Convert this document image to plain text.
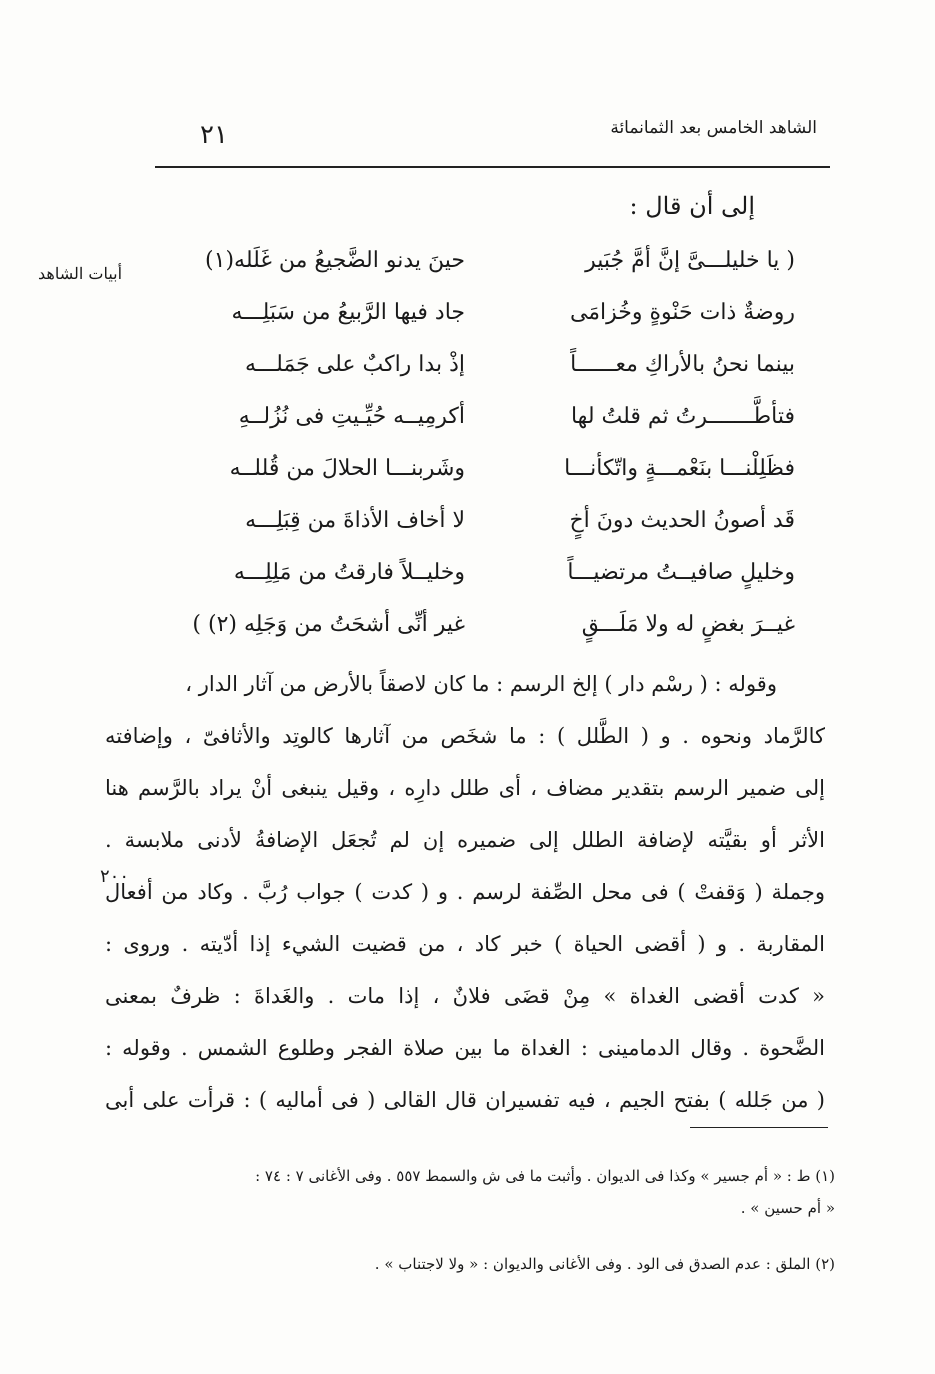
الشاهد الخامس بعد الثمانمائة
٢١
إلى أن قال :
أبيات الشاهد
٢٠٠
( يا خليلـــىَّ إنَّ أمَّ جُبَير
حينَ يدنو الضَّجيعُ من غَلَله(١)
روضةٌ ذات حَنْوةٍ وخُزامَى
جاد فيها الرَّبيعُ من سَبَلِـــه
بينما نحنُ بالأراكِ معــــــاً
إذْ بدا راكبٌ على جَمَلـــه
فتأطَّـــــــرتُ ثم قلتُ لها
أكرمِيــه حُيِّـيتِ فى نُزُلــهِ
فظَلِلْنـــا بنَعْمـــةٍ واتّكأنـــا
وشَربنـــا الحلالَ من قُللــه
قَد أصونُ الحديث دونَ أخٍ
لا أخاف الأذاةَ من قِبَلِـــه
وخليلٍ صافيــتُ مرتضيـــاً
وخليــلاً فارقتُ من مَلِلِـــه
غيــرَ بغضٍ له ولا مَلَـــقٍ
غير أنِّى أشحَتُ من وَجَلِه (٢) )
وقوله : ( رسْم دار ) إلخ الرسم : ما كان لاصقاً بالأرض من آثار الدار ،
كالرَّماد ونحوه . و ( الطَّلل ) : ما شخَص من آثارها كالوتِد والأثافىّ ، وإضافته
إلى ضمير الرسم بتقدير مضاف ، أى طلل دارِه ، وقيل ينبغى أنْ يراد بالرَّسم هنا
الأثر أو بقيَّته لإضافة الطلل إلى ضميره إن لم تُجعَل الإضافةُ لأدنى ملابسة .
وجملة ( وَقفتْ ) فى محل الصِّفة لرسم . و ( كدت ) جواب رُبَّ . وكاد من أفعال
المقاربة . و ( أقضى الحياة ) خبر كاد ، من قضيت الشيء إذا أدّيته . وروى :
« كدت أقضى الغداة » مِنْ قضَى فلانٌ ، إذا مات . والغَداةَ : ظرفٌ بمعنى
الضَّحوة . وقال الدمامينى : الغداة ما بين صلاة الفجر وطلوع الشمس . وقوله :
( من جَلله ) بفتح الجيم ، فيه تفسيران قال القالى ( فى أماليه ) : قرأت على أبى
(١) ط : « أم جسير » وكذا فى الديوان . وأثبت ما فى ش والسمط ٥٥٧ . وفى الأغانى ٧ : ٧٤ :
« أم حسين » .
(٢) الملق : عدم الصدق فى الود . وفى الأغانى والديوان : « ولا لاجتناب » .
